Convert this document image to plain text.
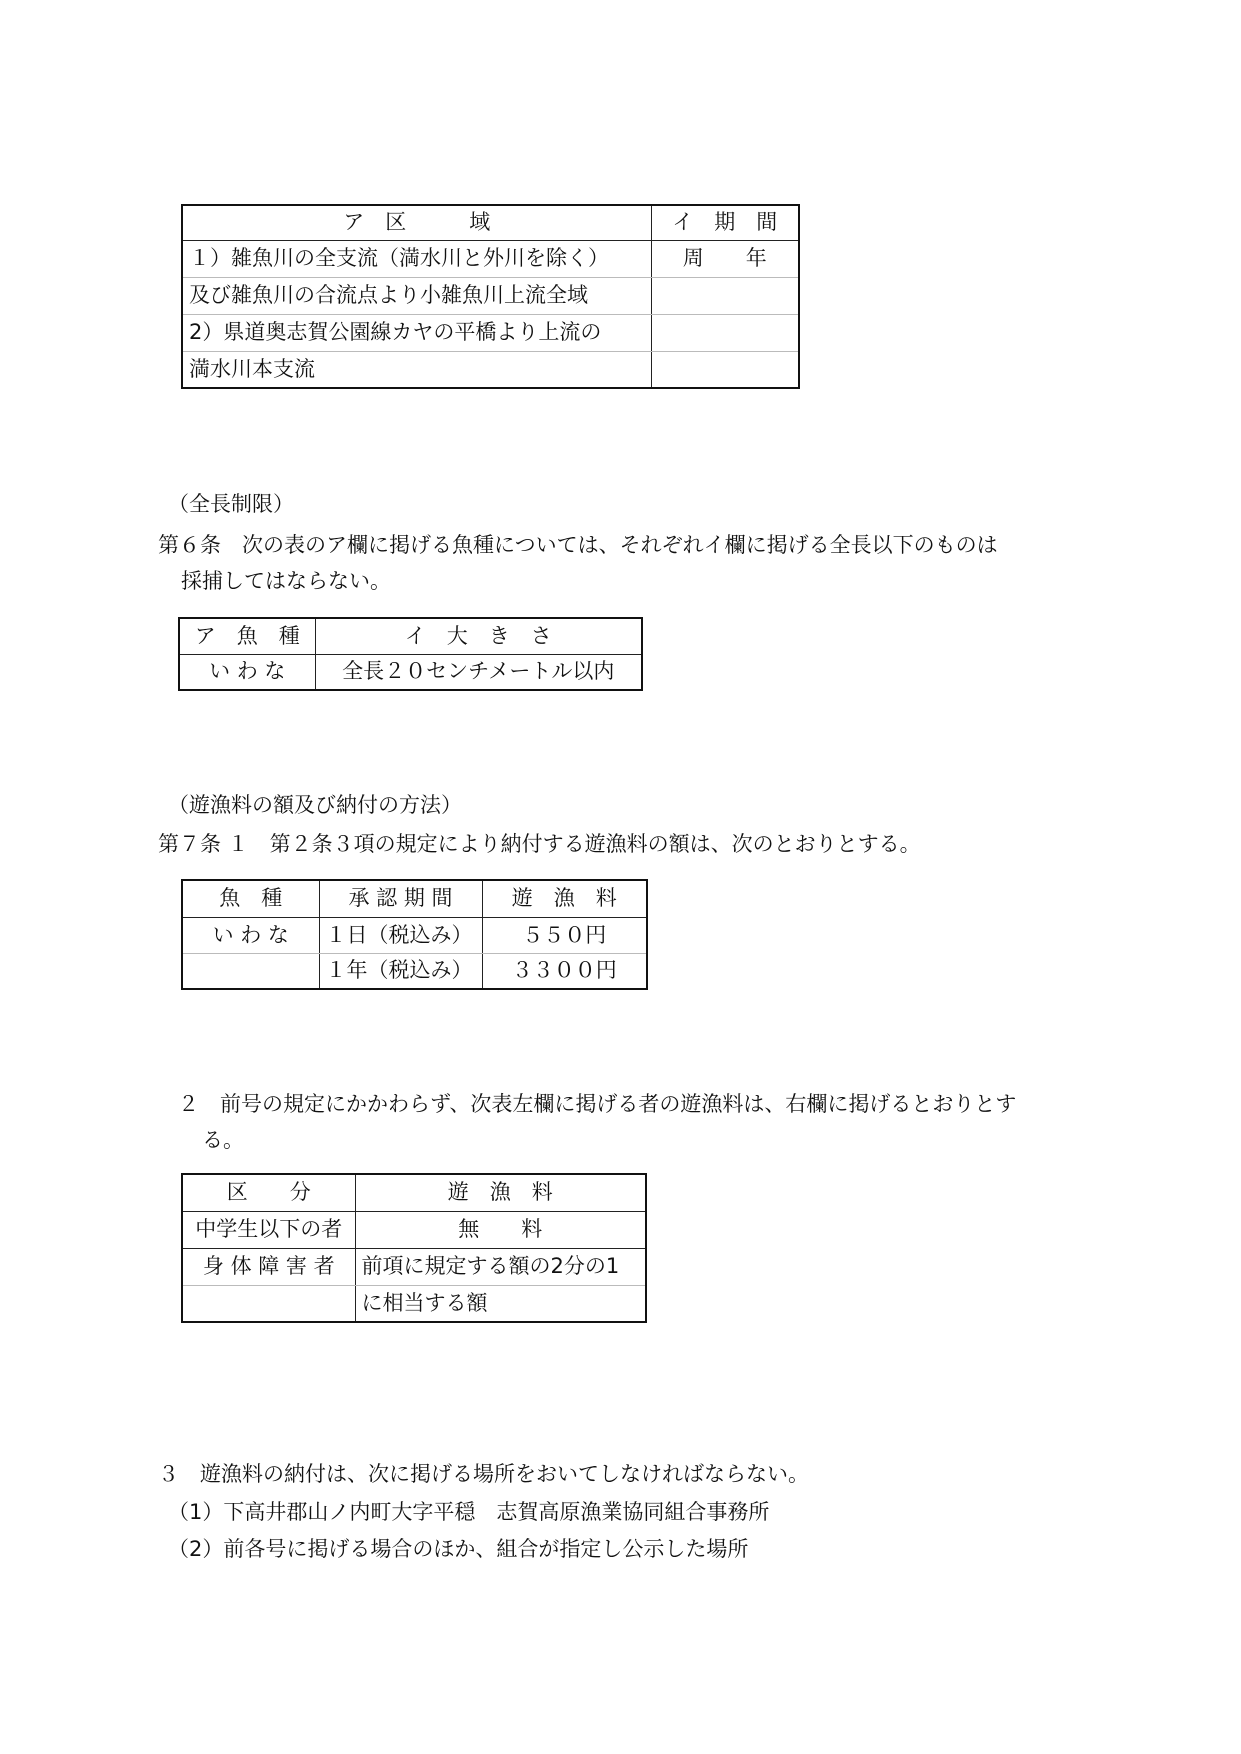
ア　区　　　域	イ　期　間
１）雑魚川の全支流（満水川と外川を除く）	周　　年
及び雑魚川の合流点より小雑魚川上流全域	
2）県道奥志賀公園線カヤの平橋より上流の	
満水川本支流	
（全長制限）
第６条　次の表のア欄に掲げる魚種については、それぞれイ欄に掲げる全長以下のものは
採捕してはならない。
ア　魚　種	イ　大　き　さ
い わ な	全長２０センチメートル以内
（遊漁料の額及び納付の方法）
第７条 １　第２条３項の規定により納付する遊漁料の額は、次のとおりとする。
魚　種	承 認 期 間	遊　漁　料
い わ な	１日（税込み）	５５０円
	１年（税込み）	３３００円
２　前号の規定にかかわらず、次表左欄に掲げる者の遊漁料は、右欄に掲げるとおりとす
る。
区　　分	遊　漁　料
中学生以下の者	無　　料
身 体 障 害 者	前項に規定する額の2分の1
	に相当する額
３　遊漁料の納付は、次に掲げる場所をおいてしなければならない。
（1）下高井郡山ノ内町大字平穏　志賀高原漁業協同組合事務所
（2）前各号に掲げる場合のほか、組合が指定し公示した場所
